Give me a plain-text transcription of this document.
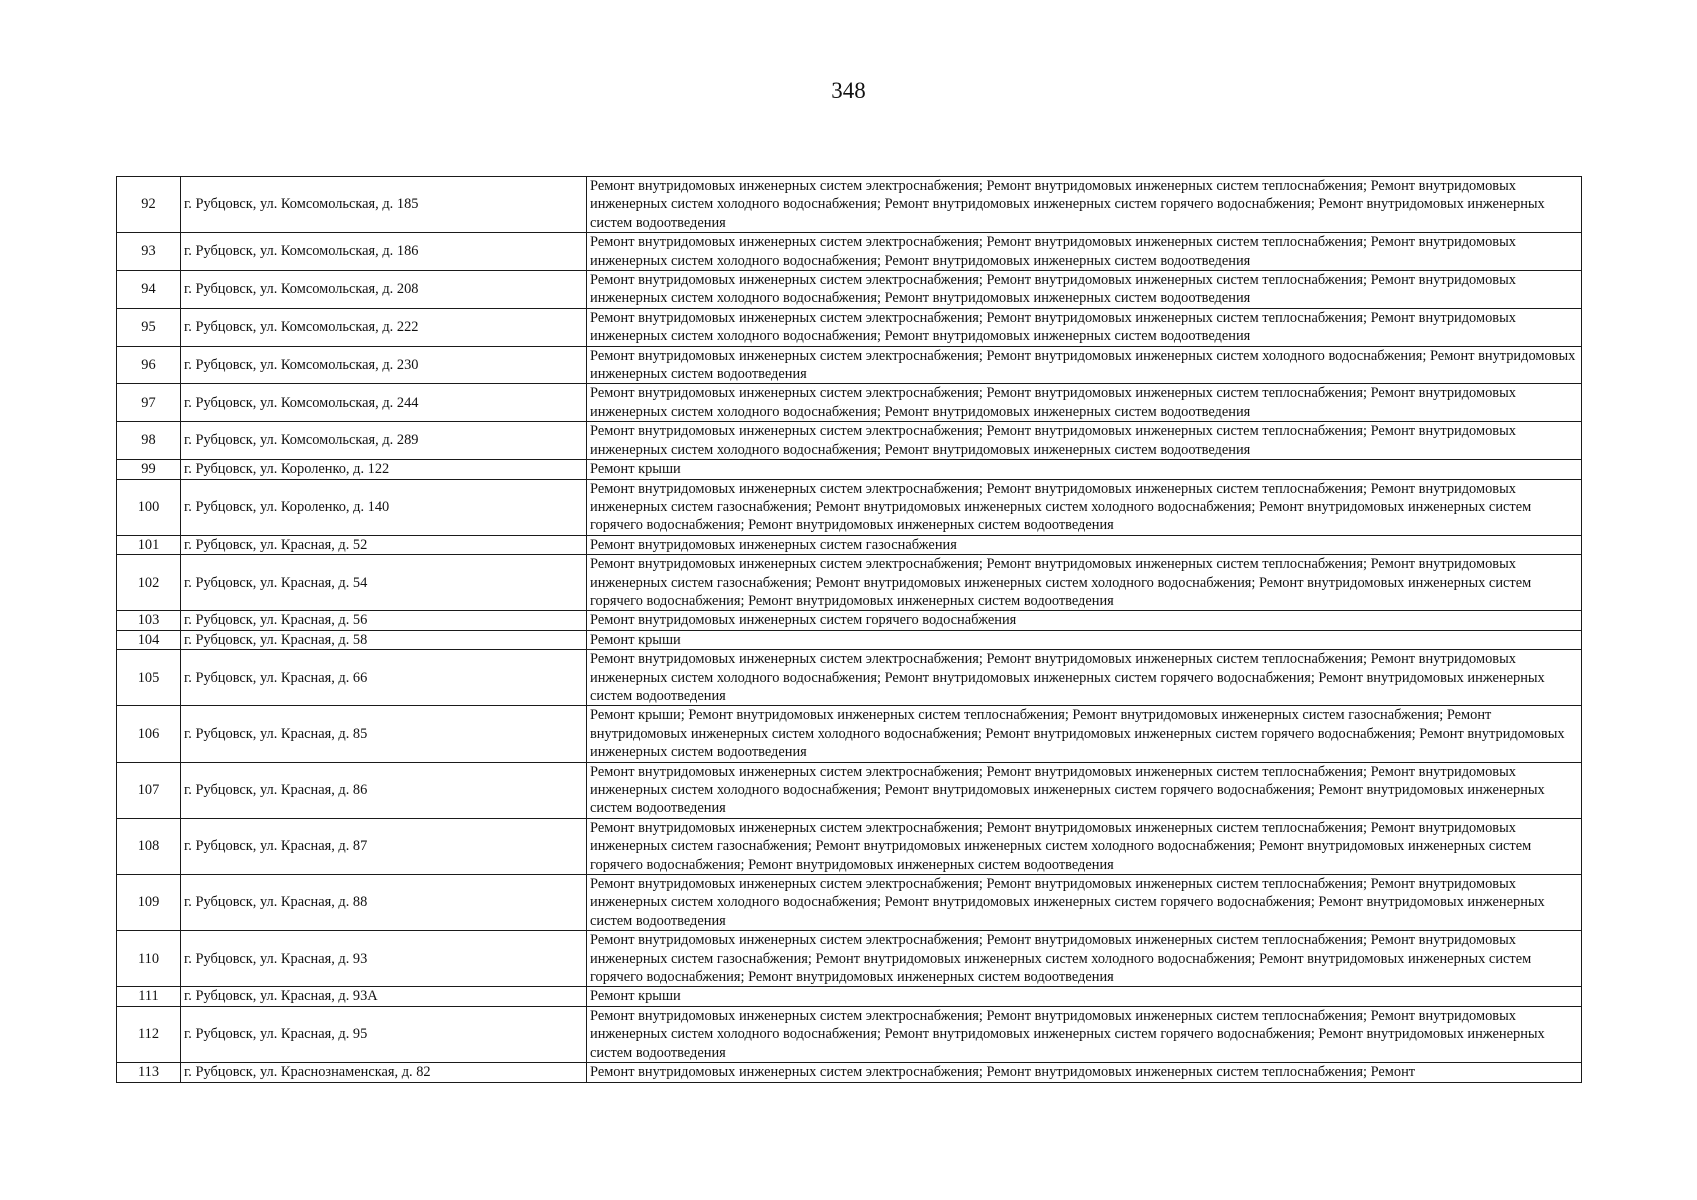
348
92	г. Рубцовск, ул. Комсомольская, д. 185	Ремонт внутридомовых инженерных систем электроснабжения; Ремонт внутридомовых инженерных систем теплоснабжения; Ремонт внутридомовых инженерных систем холодного водоснабжения; Ремонт внутридомовых инженерных систем горячего водоснабжения; Ремонт внутридомовых инженерных систем водоотведения
93	г. Рубцовск, ул. Комсомольская, д. 186	Ремонт внутридомовых инженерных систем электроснабжения; Ремонт внутридомовых инженерных систем теплоснабжения; Ремонт внутридомовых инженерных систем холодного водоснабжения; Ремонт внутридомовых инженерных систем водоотведения
94	г. Рубцовск, ул. Комсомольская, д. 208	Ремонт внутридомовых инженерных систем электроснабжения; Ремонт внутридомовых инженерных систем теплоснабжения; Ремонт внутридомовых инженерных систем холодного водоснабжения; Ремонт внутридомовых инженерных систем водоотведения
95	г. Рубцовск, ул. Комсомольская, д. 222	Ремонт внутридомовых инженерных систем электроснабжения; Ремонт внутридомовых инженерных систем теплоснабжения; Ремонт внутридомовых инженерных систем холодного водоснабжения; Ремонт внутридомовых инженерных систем водоотведения
96	г. Рубцовск, ул. Комсомольская, д. 230	Ремонт внутридомовых инженерных систем электроснабжения; Ремонт внутридомовых инженерных систем холодного водоснабжения; Ремонт внутридомовых инженерных систем водоотведения
97	г. Рубцовск, ул. Комсомольская, д. 244	Ремонт внутридомовых инженерных систем электроснабжения; Ремонт внутридомовых инженерных систем теплоснабжения; Ремонт внутридомовых инженерных систем холодного водоснабжения; Ремонт внутридомовых инженерных систем водоотведения
98	г. Рубцовск, ул. Комсомольская, д. 289	Ремонт внутридомовых инженерных систем электроснабжения; Ремонт внутридомовых инженерных систем теплоснабжения; Ремонт внутридомовых инженерных систем холодного водоснабжения; Ремонт внутридомовых инженерных систем водоотведения
99	г. Рубцовск, ул. Короленко, д. 122	Ремонт крыши
100	г. Рубцовск, ул. Короленко, д. 140	Ремонт внутридомовых инженерных систем электроснабжения; Ремонт внутридомовых инженерных систем теплоснабжения; Ремонт внутридомовых инженерных систем газоснабжения; Ремонт внутридомовых инженерных систем холодного водоснабжения; Ремонт внутридомовых инженерных систем горячего водоснабжения; Ремонт внутридомовых инженерных систем водоотведения
101	г. Рубцовск, ул. Красная, д. 52	Ремонт внутридомовых инженерных систем газоснабжения
102	г. Рубцовск, ул. Красная, д. 54	Ремонт внутридомовых инженерных систем электроснабжения; Ремонт внутридомовых инженерных систем теплоснабжения; Ремонт внутридомовых инженерных систем газоснабжения; Ремонт внутридомовых инженерных систем холодного водоснабжения; Ремонт внутридомовых инженерных систем горячего водоснабжения; Ремонт внутридомовых инженерных систем водоотведения
103	г. Рубцовск, ул. Красная, д. 56	Ремонт внутридомовых инженерных систем горячего водоснабжения
104	г. Рубцовск, ул. Красная, д. 58	Ремонт крыши
105	г. Рубцовск, ул. Красная, д. 66	Ремонт внутридомовых инженерных систем электроснабжения; Ремонт внутридомовых инженерных систем теплоснабжения; Ремонт внутридомовых инженерных систем холодного водоснабжения; Ремонт внутридомовых инженерных систем горячего водоснабжения; Ремонт внутридомовых инженерных систем водоотведения
106	г. Рубцовск, ул. Красная, д. 85	Ремонт крыши; Ремонт внутридомовых инженерных систем теплоснабжения; Ремонт внутридомовых инженерных систем газоснабжения; Ремонт внутридомовых инженерных систем холодного водоснабжения; Ремонт внутридомовых инженерных систем горячего водоснабжения; Ремонт внутридомовых инженерных систем водоотведения
107	г. Рубцовск, ул. Красная, д. 86	Ремонт внутридомовых инженерных систем электроснабжения; Ремонт внутридомовых инженерных систем теплоснабжения; Ремонт внутридомовых инженерных систем холодного водоснабжения; Ремонт внутридомовых инженерных систем горячего водоснабжения; Ремонт внутридомовых инженерных систем водоотведения
108	г. Рубцовск, ул. Красная, д. 87	Ремонт внутридомовых инженерных систем электроснабжения; Ремонт внутридомовых инженерных систем теплоснабжения; Ремонт внутридомовых инженерных систем газоснабжения; Ремонт внутридомовых инженерных систем холодного водоснабжения; Ремонт внутридомовых инженерных систем горячего водоснабжения; Ремонт внутридомовых инженерных систем водоотведения
109	г. Рубцовск, ул. Красная, д. 88	Ремонт внутридомовых инженерных систем электроснабжения; Ремонт внутридомовых инженерных систем теплоснабжения; Ремонт внутридомовых инженерных систем холодного водоснабжения; Ремонт внутридомовых инженерных систем горячего водоснабжения; Ремонт внутридомовых инженерных систем водоотведения
110	г. Рубцовск, ул. Красная, д. 93	Ремонт внутридомовых инженерных систем электроснабжения; Ремонт внутридомовых инженерных систем теплоснабжения; Ремонт внутридомовых инженерных систем газоснабжения; Ремонт внутридомовых инженерных систем холодного водоснабжения; Ремонт внутридомовых инженерных систем горячего водоснабжения; Ремонт внутридомовых инженерных систем водоотведения
111	г. Рубцовск, ул. Красная, д. 93А	Ремонт крыши
112	г. Рубцовск, ул. Красная, д. 95	Ремонт внутридомовых инженерных систем электроснабжения; Ремонт внутридомовых инженерных систем теплоснабжения; Ремонт внутридомовых инженерных систем холодного водоснабжения; Ремонт внутридомовых инженерных систем горячего водоснабжения; Ремонт внутридомовых инженерных систем водоотведения
113	г. Рубцовск, ул. Краснознаменская, д. 82	Ремонт внутридомовых инженерных систем электроснабжения; Ремонт внутридомовых инженерных систем теплоснабжения; Ремонт
